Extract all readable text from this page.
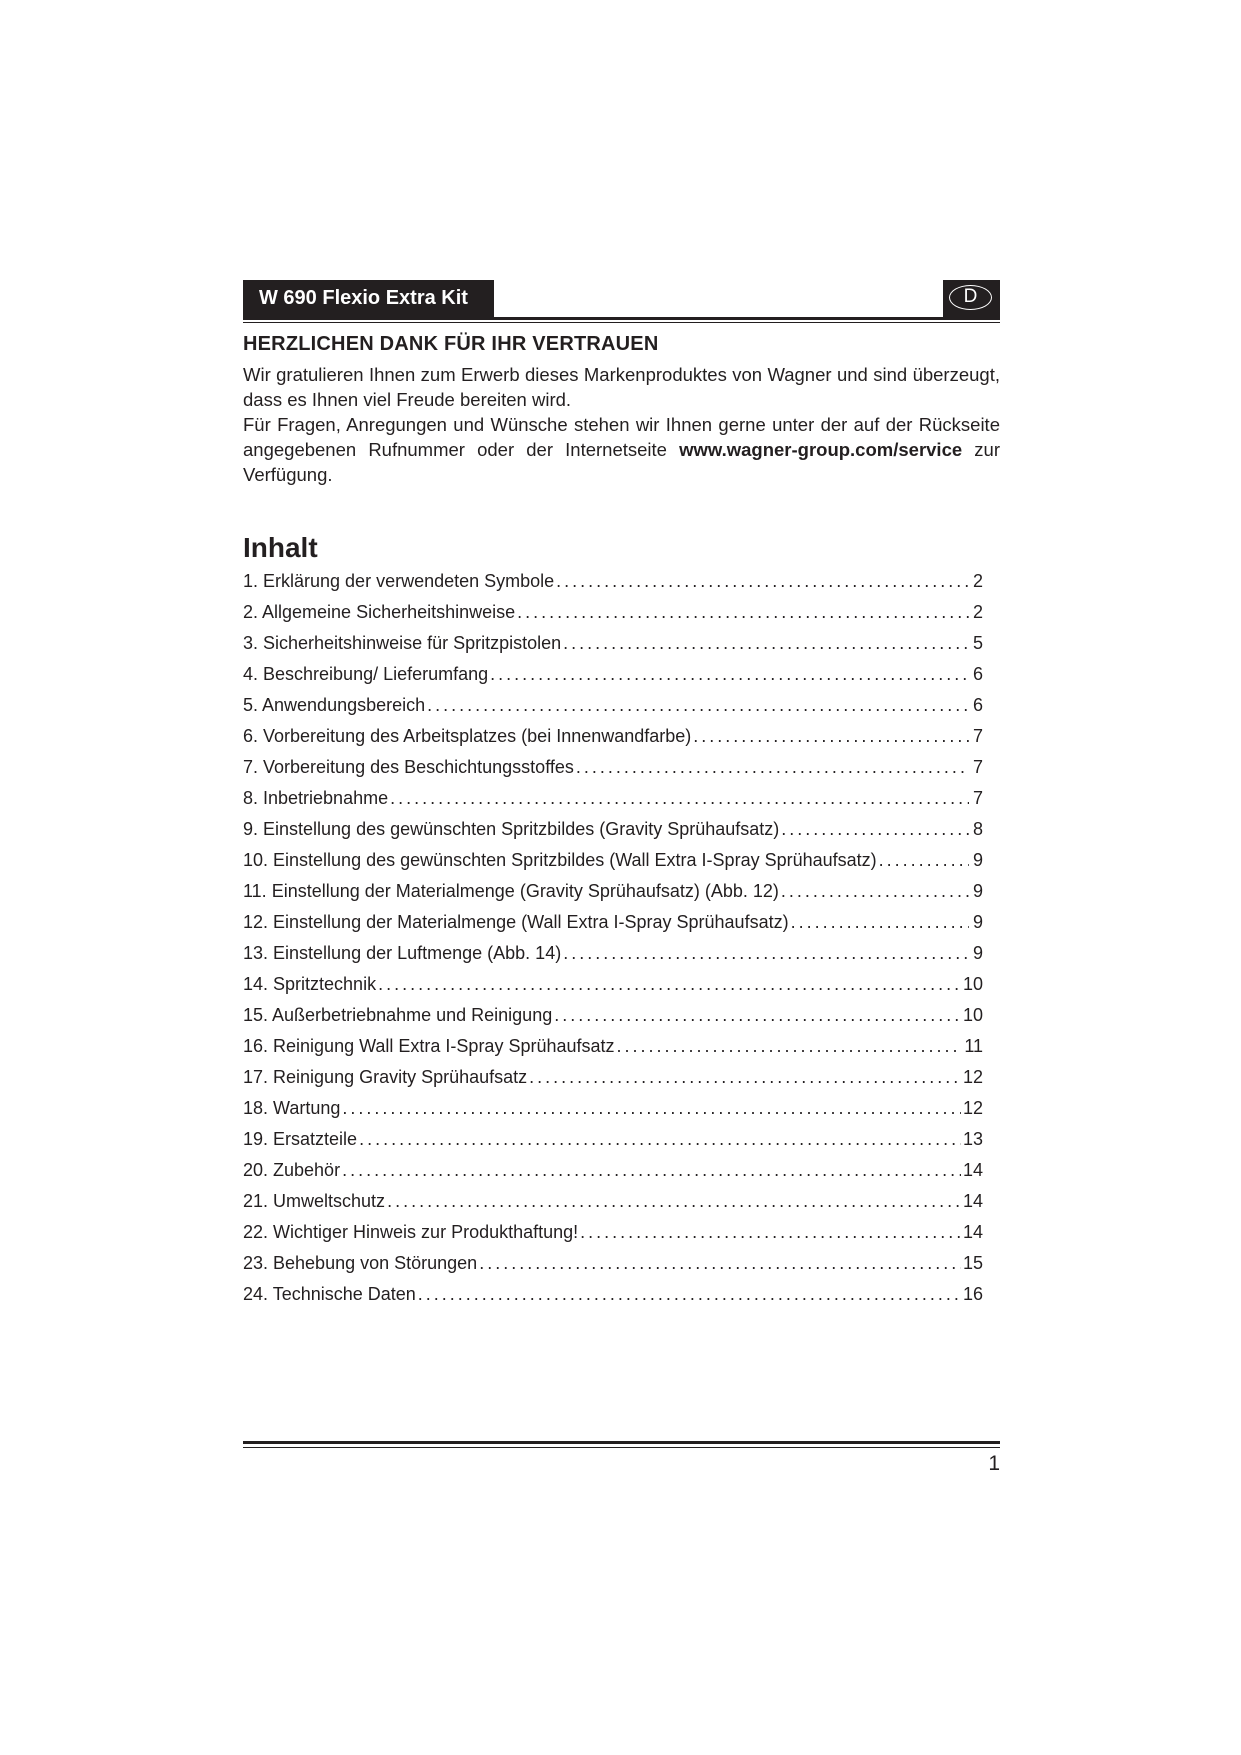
W 690 Flexio Extra Kit	D
HERZLICHEN DANK FÜR IHR VERTRAUEN

Wir gratulieren Ihnen zum Erwerb dieses Markenproduktes von Wagner und sind überzeugt, dass es Ihnen viel Freude bereiten wird.

Für Fragen, Anregungen und Wünsche stehen wir Ihnen gerne unter der auf der Rückseite angegebenen Rufnummer oder der Internetseite www.wagner-group.com/service zur Verfügung.

Inhalt
1. Erklärung der verwendeten Symbole .....	2
2. Allgemeine Sicherheitshinweise .....	2
3. Sicherheitshinweise für Spritzpistolen .....	5
4. Beschreibung/ Lieferumfang .....	6
5. Anwendungsbereich .....	6
6. Vorbereitung des Arbeitsplatzes (bei Innenwandfarbe) .....	7
7. Vorbereitung des Beschichtungsstoffes .....	7
8. Inbetriebnahme .....	7
9. Einstellung des gewünschten Spritzbildes (Gravity Sprühaufsatz) .....	8
10. Einstellung des gewünschten Spritzbildes (Wall Extra I-Spray Sprühaufsatz) .....	9
11. Einstellung der Materialmenge (Gravity Sprühaufsatz) (Abb. 12) .....	9
12. Einstellung der Materialmenge (Wall Extra I-Spray Sprühaufsatz) .....	9
13. Einstellung der Luftmenge (Abb. 14) .....	9
14. Spritztechnik .....	10
15. Außerbetriebnahme und Reinigung .....	10
16. Reinigung Wall Extra I-Spray Sprühaufsatz .....	11
17. Reinigung Gravity Sprühaufsatz .....	12
18. Wartung .....	12
19. Ersatzteile .....	13
20. Zubehör .....	14
21. Umweltschutz .....	14
22. Wichtiger Hinweis zur Produkthaftung! .....	14
23. Behebung von Störungen .....	15
24. Technische Daten .....	16
1
